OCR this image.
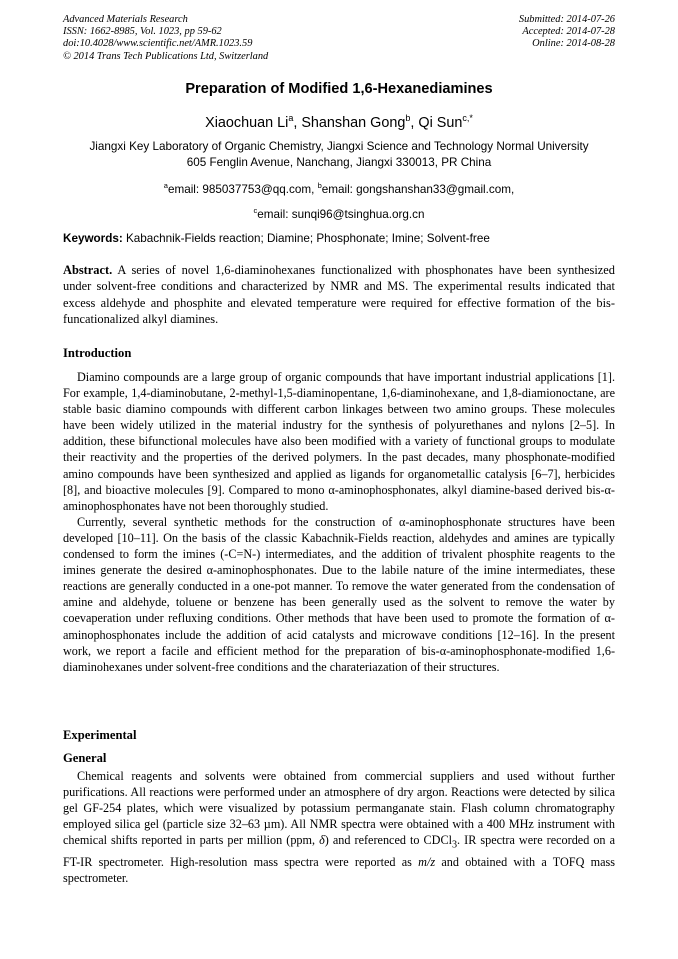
Advanced Materials Research
ISSN: 1662-8985, Vol. 1023, pp 59-62
doi:10.4028/www.scientific.net/AMR.1023.59
© 2014 Trans Tech Publications Ltd, Switzerland
Submitted: 2014-07-26
Accepted: 2014-07-28
Online: 2014-08-28
Preparation of Modified 1,6-Hexanediamines
Xiaochuan Li$^a$, Shanshan Gong$^b$, Qi Sun$^{c,*}$
Jiangxi Key Laboratory of Organic Chemistry, Jiangxi Science and Technology Normal University
605 Fenglin Avenue, Nanchang, Jiangxi 330013, PR China
$^a$email: 985037753@qq.com, $^b$email: gongshanshan33@gmail.com,
$^c$email: sunqi96@tsinghua.org.cn
Keywords: Kabachnik-Fields reaction; Diamine; Phosphonate; Imine; Solvent-free
Abstract. A series of novel 1,6-diaminohexanes functionalized with phosphonates have been synthesized under solvent-free conditions and characterized by NMR and MS. The experimental results indicated that excess aldehyde and phosphite and elevated temperature were required for effective formation of the bis-funcationalized alkyl diamines.
Introduction

Diamino compounds are a large group of organic compounds that have important industrial applications [1]. For example, 1,4-diaminobutane, 2-methyl-1,5-diaminopentane, 1,6-diaminohexane, and 1,8-diamionoctane, are stable basic diamino compounds with different carbon linkages between two amino groups. These molecules have been widely utilized in the material industry for the synthesis of polyurethanes and nylons [2–5]. In addition, these bifunctional molecules have also been modified with a variety of functional groups to modulate their reactivity and the properties of the derived polymers. In the past decades, many phosphonate-modified amino compounds have been synthesized and applied as ligands for organometallic catalysis [6–7], herbicides [8], and bioactive molecules [9]. Compared to mono α-aminophosphonates, alkyl diamine-based derived bis-α-aminophosphonates have not been thoroughly studied.

Currently, several synthetic methods for the construction of α-aminophosphonate structures have been developed [10–11]. On the basis of the classic Kabachnik-Fields reaction, aldehydes and amines are typically condensed to form the imines (-C=N-) intermediates, and the addition of trivalent phosphite reagents to the imines generate the desired α-aminophosphonates. Due to the labile nature of the imine intermediates, these reactions are generally conducted in a one-pot manner. To remove the water generated from the condensation of amine and aldehyde, toluene or benzene has been generally used as the solvent to remove the water by coevaperation under refluxing conditions. Other methods that have been used to promote the formation of α-aminophosphonates include the addition of acid catalysts and microwave conditions [12–16]. In the present work, we report a facile and efficient method for the preparation of bis-α-aminophosphonate-modified 1,6-diaminohexanes under solvent-free conditions and the charateriazation of their structures.

Experimental
General

Chemical reagents and solvents were obtained from commercial suppliers and used without further purifications. All reactions were performed under an atmosphere of dry argon. Reactions were detected by silica gel GF-254 plates, which were visualized by potassium permanganate stain. Flash column chromatography employed silica gel (particle size 32–63 µm). All NMR spectra were obtained with a 400 MHz instrument with chemical shifts reported in parts per million (ppm, δ) and referenced to CDCl$_3$. IR spectra were recorded on a FT-IR spectrometer. High-resolution mass spectra were reported as m/z and obtained with a TOFQ mass spectrometer.
